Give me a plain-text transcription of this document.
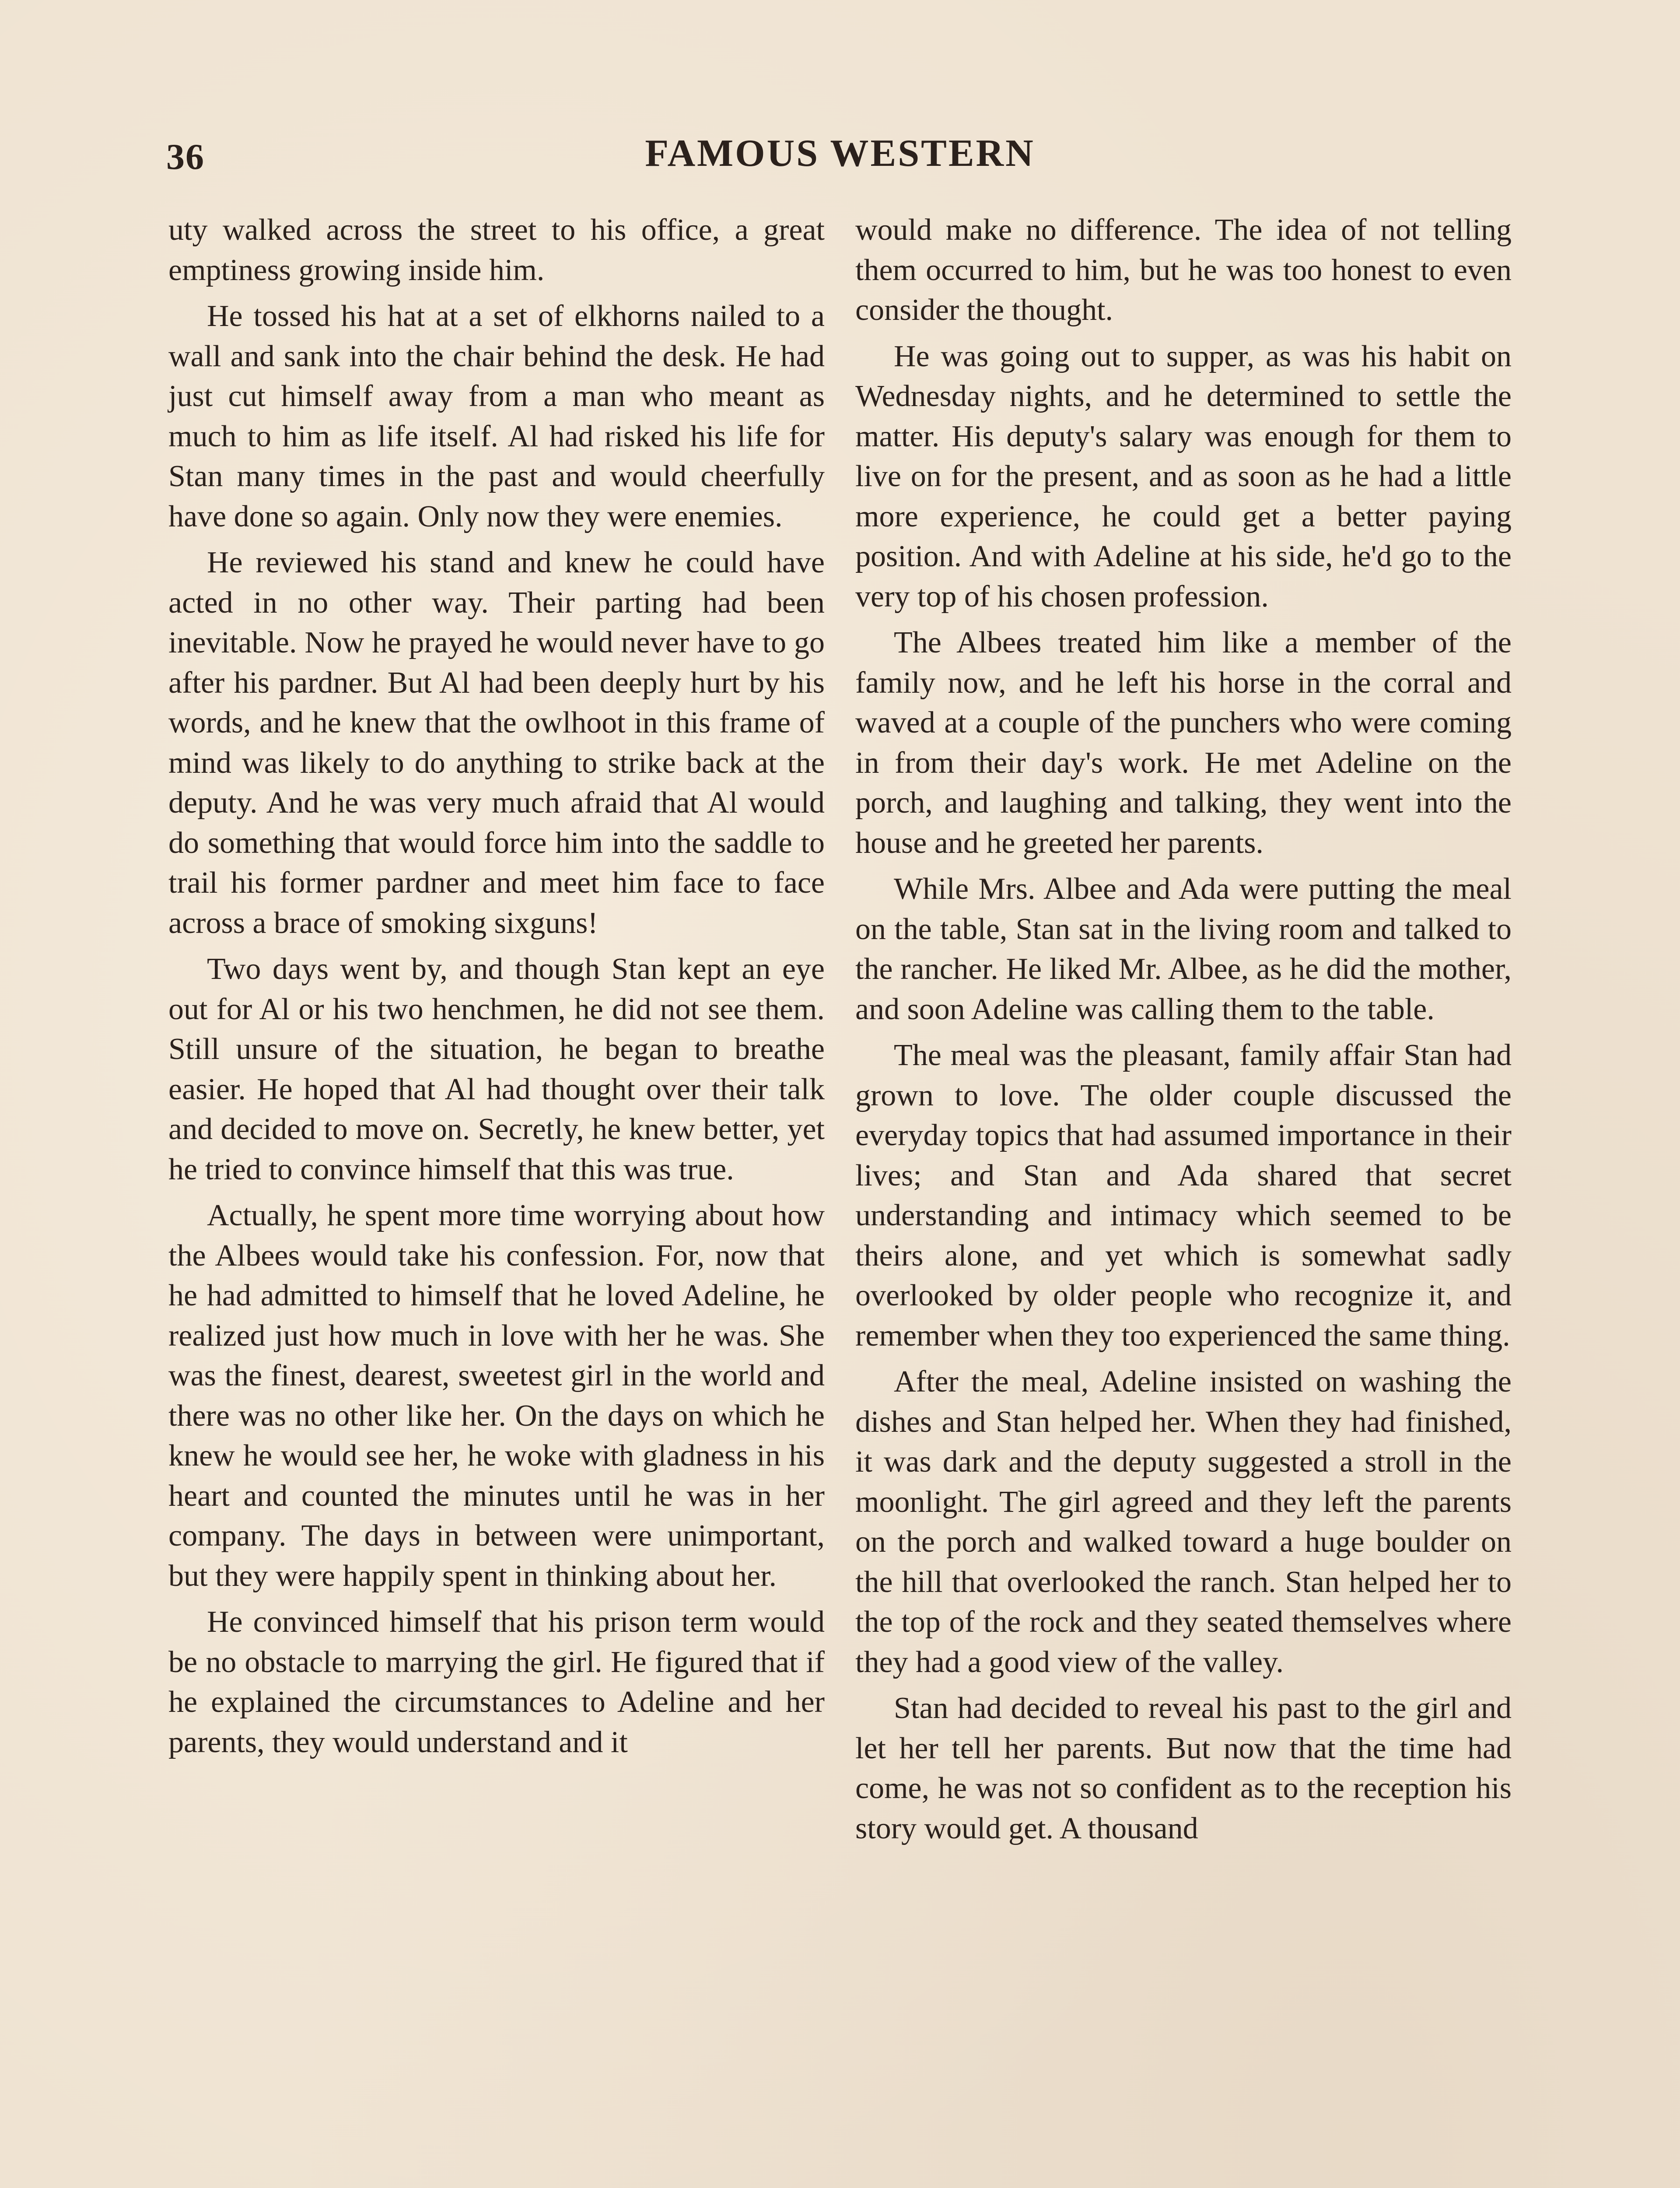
36	FAMOUS WESTERN

uty walked across the street to his office, a great emptiness growing inside him.

He tossed his hat at a set of elkhorns nailed to a wall and sank into the chair behind the desk. He had just cut himself away from a man who meant as much to him as life itself. Al had risked his life for Stan many times in the past and would cheerfully have done so again. Only now they were enemies.

He reviewed his stand and knew he could have acted in no other way. Their parting had been inevitable. Now he prayed he would never have to go after his pardner. But Al had been deeply hurt by his words, and he knew that the owlhoot in this frame of mind was likely to do anything to strike back at the deputy. And he was very much afraid that Al would do something that would force him into the saddle to trail his former pardner and meet him face to face across a brace of smoking sixguns!

Two days went by, and though Stan kept an eye out for Al or his two henchmen, he did not see them. Still unsure of the situation, he began to breathe easier. He hoped that Al had thought over their talk and decided to move on. Secretly, he knew better, yet he tried to convince himself that this was true.

Actually, he spent more time worrying about how the Albees would take his confession. For, now that he had admitted to himself that he loved Adeline, he realized just how much in love with her he was. She was the finest, dearest, sweetest girl in the world and there was no other like her. On the days on which he knew he would see her, he woke with gladness in his heart and counted the minutes until he was in her company. The days in between were unimportant, but they were happily spent in thinking about her.

He convinced himself that his prison term would be no obstacle to marrying the girl. He figured that if he explained the circumstances to Adeline and her parents, they would understand and it

would make no difference. The idea of not telling them occurred to him, but he was too honest to even consider the thought.

He was going out to supper, as was his habit on Wednesday nights, and he determined to settle the matter. His deputy's salary was enough for them to live on for the present, and as soon as he had a little more experience, he could get a better paying position. And with Adeline at his side, he'd go to the very top of his chosen profession.

The Albees treated him like a member of the family now, and he left his horse in the corral and waved at a couple of the punchers who were coming in from their day's work. He met Adeline on the porch, and laughing and talking, they went into the house and he greeted her parents.

While Mrs. Albee and Ada were putting the meal on the table, Stan sat in the living room and talked to the rancher. He liked Mr. Albee, as he did the mother, and soon Adeline was calling them to the table.

The meal was the pleasant, family affair Stan had grown to love. The older couple discussed the everyday topics that had assumed importance in their lives; and Stan and Ada shared that secret understanding and intimacy which seemed to be theirs alone, and yet which is somewhat sadly overlooked by older people who recognize it, and remember when they too experienced the same thing.

After the meal, Adeline insisted on washing the dishes and Stan helped her. When they had finished, it was dark and the deputy suggested a stroll in the moonlight. The girl agreed and they left the parents on the porch and walked toward a huge boulder on the hill that overlooked the ranch. Stan helped her to the top of the rock and they seated themselves where they had a good view of the valley.

Stan had decided to reveal his past to the girl and let her tell her parents. But now that the time had come, he was not so confident as to the reception his story would get. A thousand
